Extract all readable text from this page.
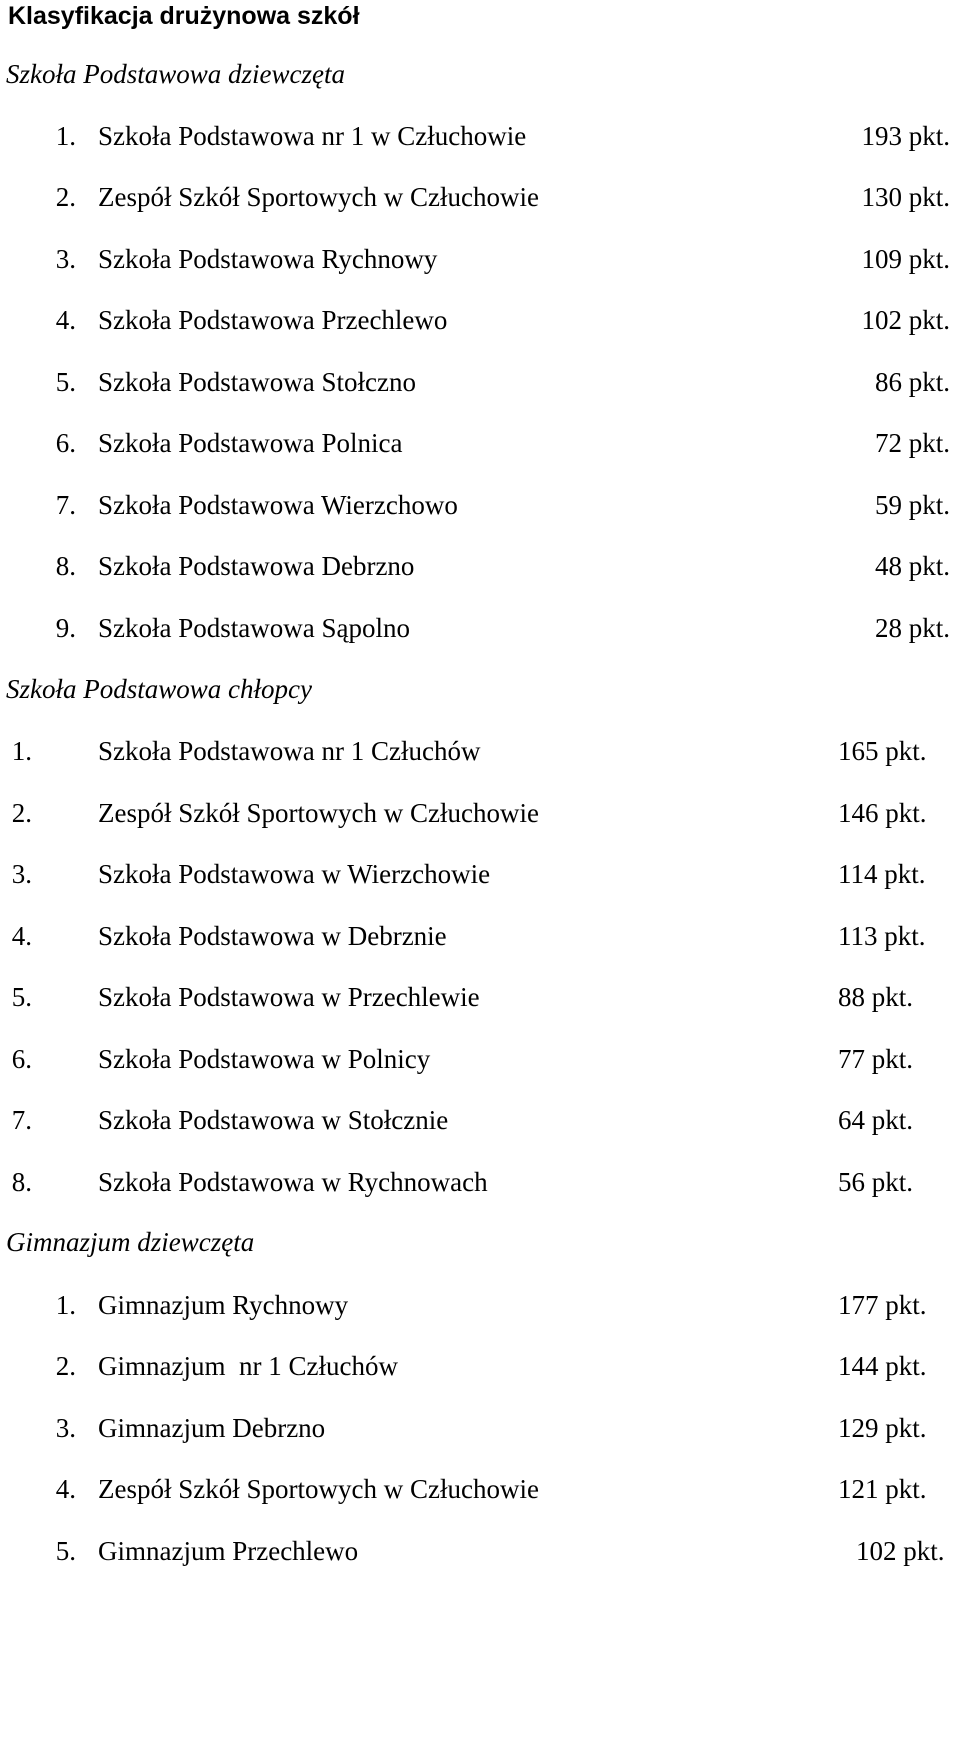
Klasyfikacja drużynowa szkół
Szkoła Podstawowa dziewczęta
1. Szkoła Podstawowa nr 1 w Człuchowie	193 pkt.
2. Zespół Szkół Sportowych w Człuchowie	130 pkt.
3. Szkoła Podstawowa Rychnowy	109 pkt.
4. Szkoła Podstawowa Przechlewo	102 pkt.
5. Szkoła Podstawowa Stołczno	86 pkt.
6. Szkoła Podstawowa Polnica	72 pkt.
7. Szkoła Podstawowa Wierzchowo	59 pkt.
8. Szkoła Podstawowa Debrzno	48 pkt.
9. Szkoła Podstawowa Sąpolno	28 pkt.
Szkoła Podstawowa chłopcy
1. Szkoła Podstawowa nr 1 Człuchów	165 pkt.
2. Zespół Szkół Sportowych w Człuchowie	146 pkt.
3. Szkoła Podstawowa w Wierzchowie	114 pkt.
4. Szkoła Podstawowa w Debrznie	113 pkt.
5. Szkoła Podstawowa w Przechlewie	88 pkt.
6. Szkoła Podstawowa w Polnicy	77 pkt.
7. Szkoła Podstawowa w Stołcznie	64 pkt.
8. Szkoła Podstawowa w Rychnowach	56 pkt.
Gimnazjum dziewczęta
1. Gimnazjum Rychnowy	177 pkt.
2. Gimnazjum  nr 1 Człuchów	144 pkt.
3. Gimnazjum Debrzno	129 pkt.
4. Zespół Szkół Sportowych w Człuchowie	121 pkt.
5. Gimnazjum Przechlewo	102 pkt.
